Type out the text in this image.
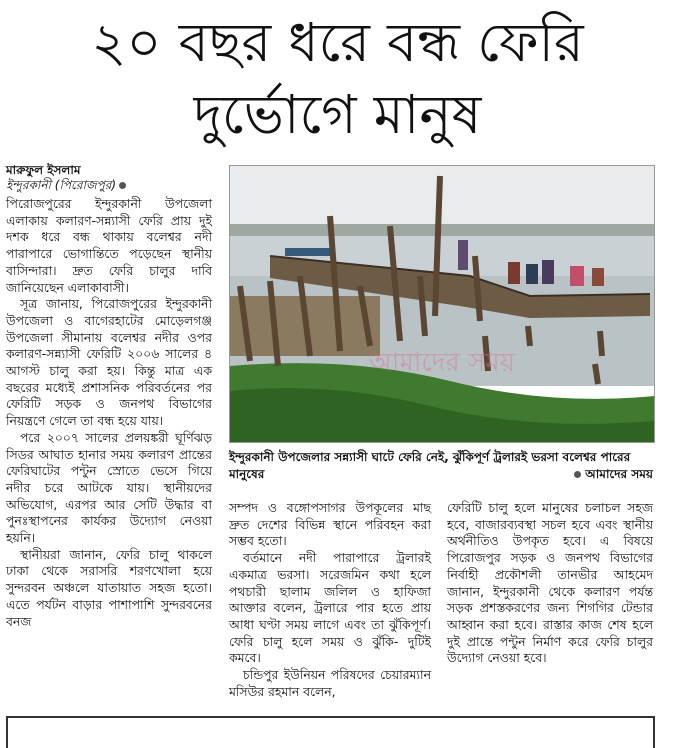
২০ বছর ধরে বন্ধ ফেরি
দুর্ভোগে মানুষ
মারুফুল ইসলাম
ইন্দুরকানী (পিরোজপুর)

পিরোজপুরের ইন্দুরকানী উপজেলা এলাকায় কলারণ-সন্ন্যাসী ফেরি প্রায় দুই দশক ধরে বন্ধ থাকায় বলেশ্বর নদী পারাপারে ভোগান্তিতে পড়েছেন স্থানীয় বাসিন্দারা। দ্রুত ফেরি চালুর দাবি জানিয়েছেন এলাকাবাসী।

সূত্র জানায়, পিরোজপুরের ইন্দুরকানী উপজেলা ও বাগেরহাটের মোড়েলগঞ্জ উপজেলা সীমানায় বলেশ্বর নদীর ওপর কলারণ-সন্ন্যাসী ফেরিটি ২০০৬ সালের ৪ আগস্ট চালু করা হয়। কিন্তু মাত্র এক বছরের মধ্যেই প্রশাসনিক পরিবর্তনের পর ফেরিটি সড়ক ও জনপথ বিভাগের নিয়ন্ত্রণে গেলে তা বন্ধ হয়ে যায়।

পরে ২০০৭ সালের প্রলয়ঙ্করী ঘূর্ণিঝড় সিডর আঘাত হানার সময় কলারণ প্রান্তের ফেরিঘাটের পন্টুন স্রোতে ভেসে গিয়ে নদীর চরে আটকে যায়। স্থানীয়দের অভিযোগ, এরপর আর সেটি উদ্ধার বা পুনঃস্থাপনের কার্যকর উদ্যোগ নেওয়া হয়নি।

স্থানীয়রা জানান, ফেরি চালু থাকলে ঢাকা থেকে সরাসরি শরণখোলা হয়ে সুন্দরবন অঞ্চলে যাতায়াত সহজ হতো। এতে পর্যটন বাড়ার পাশাপাশি সুন্দরবনের বনজ

আমাদের সময়
ইন্দুরকানী উপজেলার সন্ন্যাসী ঘাটে ফেরি নেই, ঝুঁকিপূর্ণ ট্রলারই ভরসা বলেশ্বর পারের মানুষের	আমাদের সময়

সম্পদ ও বঙ্গোপসাগর উপকূলের মাছ দ্রুত দেশের বিভিন্ন স্থানে পরিবহন করা সম্ভব হতো।

বর্তমানে নদী পারাপারে ট্রলারই একমাত্র ভরসা। সরেজমিন কথা হলে পথচারী ছালাম জলিল ও হাফিজা আক্তার বলেন, ট্রলারে পার হতে প্রায় আধা ঘণ্টা সময় লাগে এবং তা ঝুঁকিপূর্ণ। ফেরি চালু হলে সময় ও ঝুঁকি- দুটিই কমবে।

চন্ডিপুর ইউনিয়ন পরিষদের চেয়ারম্যান মসিউর রহমান বলেন,

ফেরিটি চালু হলে মানুষের চলাচল সহজ হবে, বাজারব্যবস্থা সচল হবে এবং স্থানীয় অর্থনীতিও উপকৃত হবে। এ বিষয়ে পিরোজপুর সড়ক ও জনপথ বিভাগের নির্বাহী প্রকৌশলী তানভীর আহমেদ জানান, ইন্দুরকানী থেকে কলারণ পর্যন্ত সড়ক প্রশস্তকরণের জন্য শিগগির টেন্ডার আহ্বান করা হবে। রাস্তার কাজ শেষ হলে দুই প্রান্তে পন্টুন নির্মাণ করে ফেরি চালুর উদ্যোগ নেওয়া হবে।
